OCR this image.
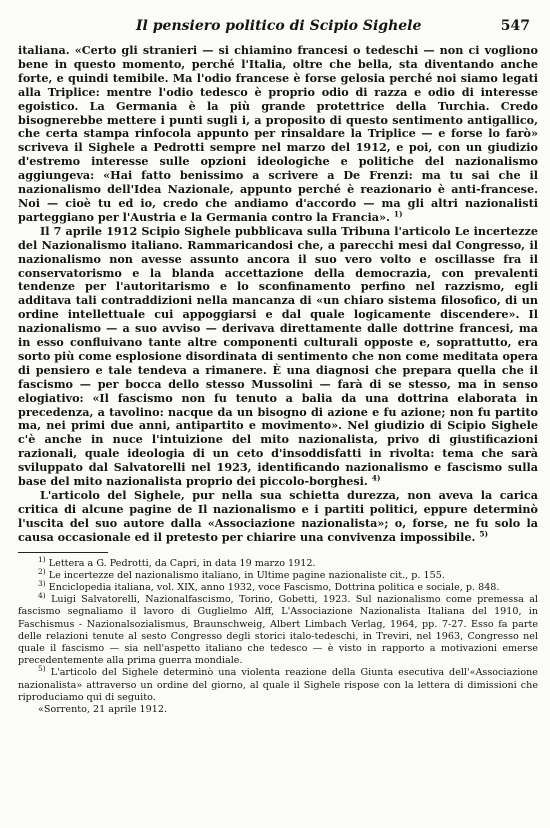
Il pensiero politico di Scipio Sighele	547

italiana. «Certo gli stranieri — si chiamino francesi o tedeschi — non ci vogliono bene in questo momento, perché l'Italia, oltre che bella, sta diventando anche forte, e quindi temibile. Ma l'odio francese è forse gelosia perché noi siamo legati alla Triplice: mentre l'odio tedesco è proprio odio di razza e odio di interesse egoistico. La Germania è la più grande protettrice della Turchia. Credo bisognerebbe mettere i punti sugli i, a proposito di questo sentimento antigallico, che certa stampa rinfocola appunto per rinsaldare la Triplice — e forse lo farò» scriveva il Sighele a Pedrotti sempre nel marzo del 1912, e poi, con un giudizio d'estremo interesse sulle opzioni ideologiche e politiche del nazionalismo aggiungeva: «Hai fatto benissimo a scrivere a De Frenzi: ma tu sai che il nazionalismo dell'Idea Nazionale, appunto perché è reazionario è anti-francese. Noi — cioè tu ed io, credo che andiamo d'accordo — ma gli altri nazionalisti parteggiano per l'Austria e la Germania contro la Francia». $^{1)}$

Il 7 aprile 1912 Scipio Sighele pubblicava sulla Tribuna l'articolo Le incertezze del Nazionalismo italiano. Rammaricandosi che, a parecchi mesi dal Congresso, il nazionalismo non avesse assunto ancora il suo vero volto e oscillasse fra il conservatorismo e la blanda accettazione della democrazia, con prevalenti tendenze per l'autoritarismo e lo sconfinamento perfino nel razzismo, egli additava tali contraddizioni nella mancanza di «un chiaro sistema filosofico, di un ordine intellettuale cui appoggiarsi e dal quale logicamente discendere». Il nazionalismo — a suo avviso — derivava direttamente dalle dottrine francesi, ma in esso confluivano tante altre componenti culturali opposte e, soprattutto, era sorto più come esplosione disordinata di sentimento che non come meditata opera di pensiero e tale tendeva a rimanere. È una diagnosi che prepara quella che il fascismo — per bocca dello stesso Mussolini — farà di se stesso, ma in senso elogiativo: «Il fascismo non fu tenuto a balia da una dottrina elaborata in precedenza, a tavolino: nacque da un bisogno di azione e fu azione; non fu partito ma, nei primi due anni, antipartito e movimento». Nel giudizio di Scipio Sighele c'è anche in nuce l'intuizione del mito nazionalista, privo di giustificazioni razionali, quale ideologia di un ceto d'insoddisfatti in rivolta: tema che sarà sviluppato dal Salvatorelli nel 1923, identificando nazionalismo e fascismo sulla base del mito nazionalista proprio dei piccolo-borghesi. $^{4)}$

L'articolo del Sighele, pur nella sua schietta durezza, non aveva la carica critica di alcune pagine de Il nazionalismo e i partiti politici, eppure determinò l'uscita del suo autore dalla «Associazione nazionalista»; o, forse, ne fu solo la causa occasionale ed il pretesto per chiarire una convivenza impossibile. $^{5)}$

$^{1)}$ Lettera a G. Pedrotti, da Capri, in data 19 marzo 1912.

$^{2)}$ Le incertezze del nazionalismo italiano, in Ultime pagine nazionaliste cit., p. 155.

$^{3)}$ Enciclopedia italiana, vol. XIX, anno 1932, voce Fascismo, Dottrina politica e sociale, p. 848.

$^{4)}$ Luigi Salvatorelli, Nazionalfascismo, Torino, Gobetti, 1923. Sul nazionalismo come premessa al fascismo segnaliamo il lavoro di Guglielmo Alff, L'Associazione Nazionalista Italiana del 1910, in Faschismus - Nazionalsozialismus, Braunschweig, Albert Limbach Verlag, 1964, pp. 7-27. Esso fa parte delle relazioni tenute al sesto Congresso degli storici italo-tedeschi, in Treviri, nel 1963, Congresso nel quale il fascismo — sia nell'aspetto italiano che tedesco — è visto in rapporto a motivazioni emerse precedentemente alla prima guerra mondiale.

$^{5)}$ L'articolo del Sighele determinò una violenta reazione della Giunta esecutiva dell'«Associazione nazionalista» attraverso un ordine del giorno, al quale il Sighele rispose con la lettera di dimissioni che riproduciamo qui di seguito.

«Sorrento, 21 aprile 1912.
